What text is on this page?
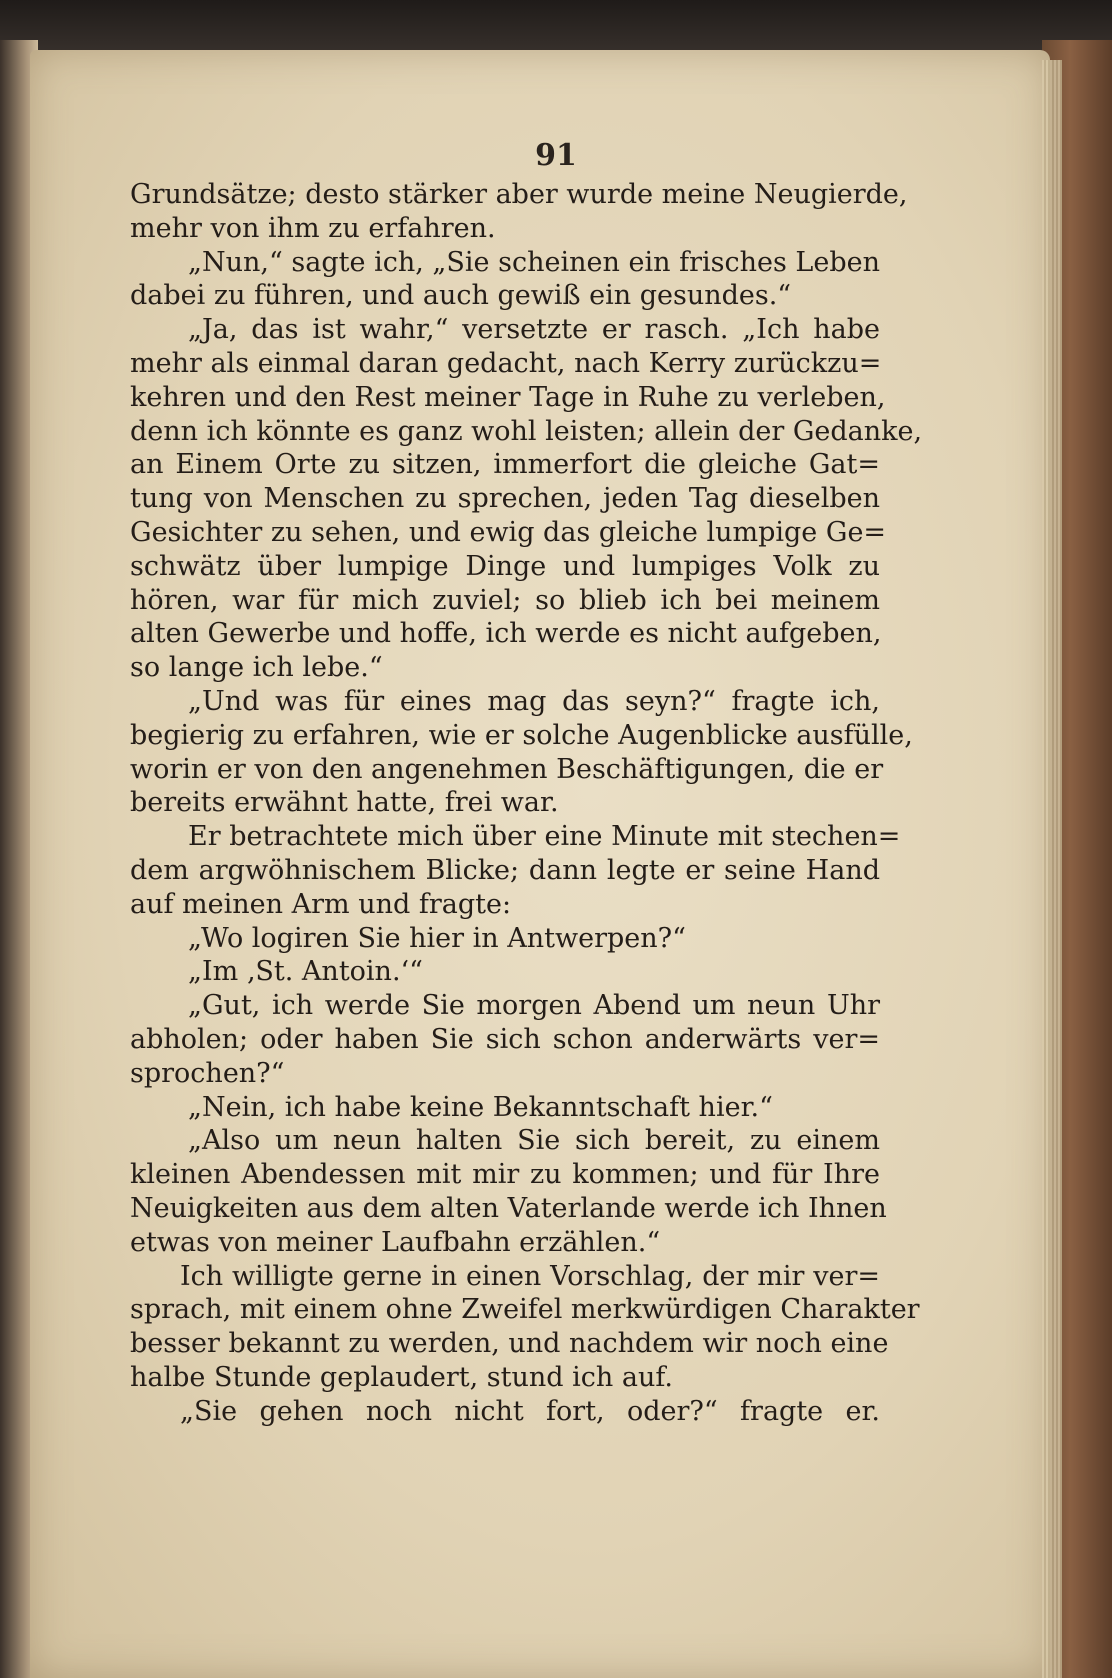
91
Grundsätze; desto stärker aber wurde meine Neugierde,
mehr von ihm zu erfahren.
„Nun,“ sagte ich, „Sie scheinen ein frisches Leben
dabei zu führen, und auch gewiß ein gesundes.“
„Ja, das ist wahr,“ versetzte er rasch. „Ich habe
mehr als einmal daran gedacht, nach Kerry zurückzu=
kehren und den Rest meiner Tage in Ruhe zu verleben,
denn ich könnte es ganz wohl leisten; allein der Gedanke,
an Einem Orte zu sitzen, immerfort die gleiche Gat=
tung von Menschen zu sprechen, jeden Tag dieselben
Gesichter zu sehen, und ewig das gleiche lumpige Ge=
schwätz über lumpige Dinge und lumpiges Volk zu
hören, war für mich zuviel; so blieb ich bei meinem
alten Gewerbe und hoffe, ich werde es nicht aufgeben,
so lange ich lebe.“
„Und was für eines mag das seyn?“ fragte ich,
begierig zu erfahren, wie er solche Augenblicke ausfülle,
worin er von den angenehmen Beschäftigungen, die er
bereits erwähnt hatte, frei war.
Er betrachtete mich über eine Minute mit stechen=
dem argwöhnischem Blicke; dann legte er seine Hand
auf meinen Arm und fragte:
„Wo logiren Sie hier in Antwerpen?“
„Im ‚St. Antoin.‘“
„Gut, ich werde Sie morgen Abend um neun Uhr
abholen; oder haben Sie sich schon anderwärts ver=
sprochen?“
„Nein, ich habe keine Bekanntschaft hier.“
„Also um neun halten Sie sich bereit, zu einem
kleinen Abendessen mit mir zu kommen; und für Ihre
Neuigkeiten aus dem alten Vaterlande werde ich Ihnen
etwas von meiner Laufbahn erzählen.“
Ich willigte gerne in einen Vorschlag, der mir ver=
sprach, mit einem ohne Zweifel merkwürdigen Charakter
besser bekannt zu werden, und nachdem wir noch eine
halbe Stunde geplaudert, stund ich auf.
„Sie gehen noch nicht fort, oder?“ fragte er.
